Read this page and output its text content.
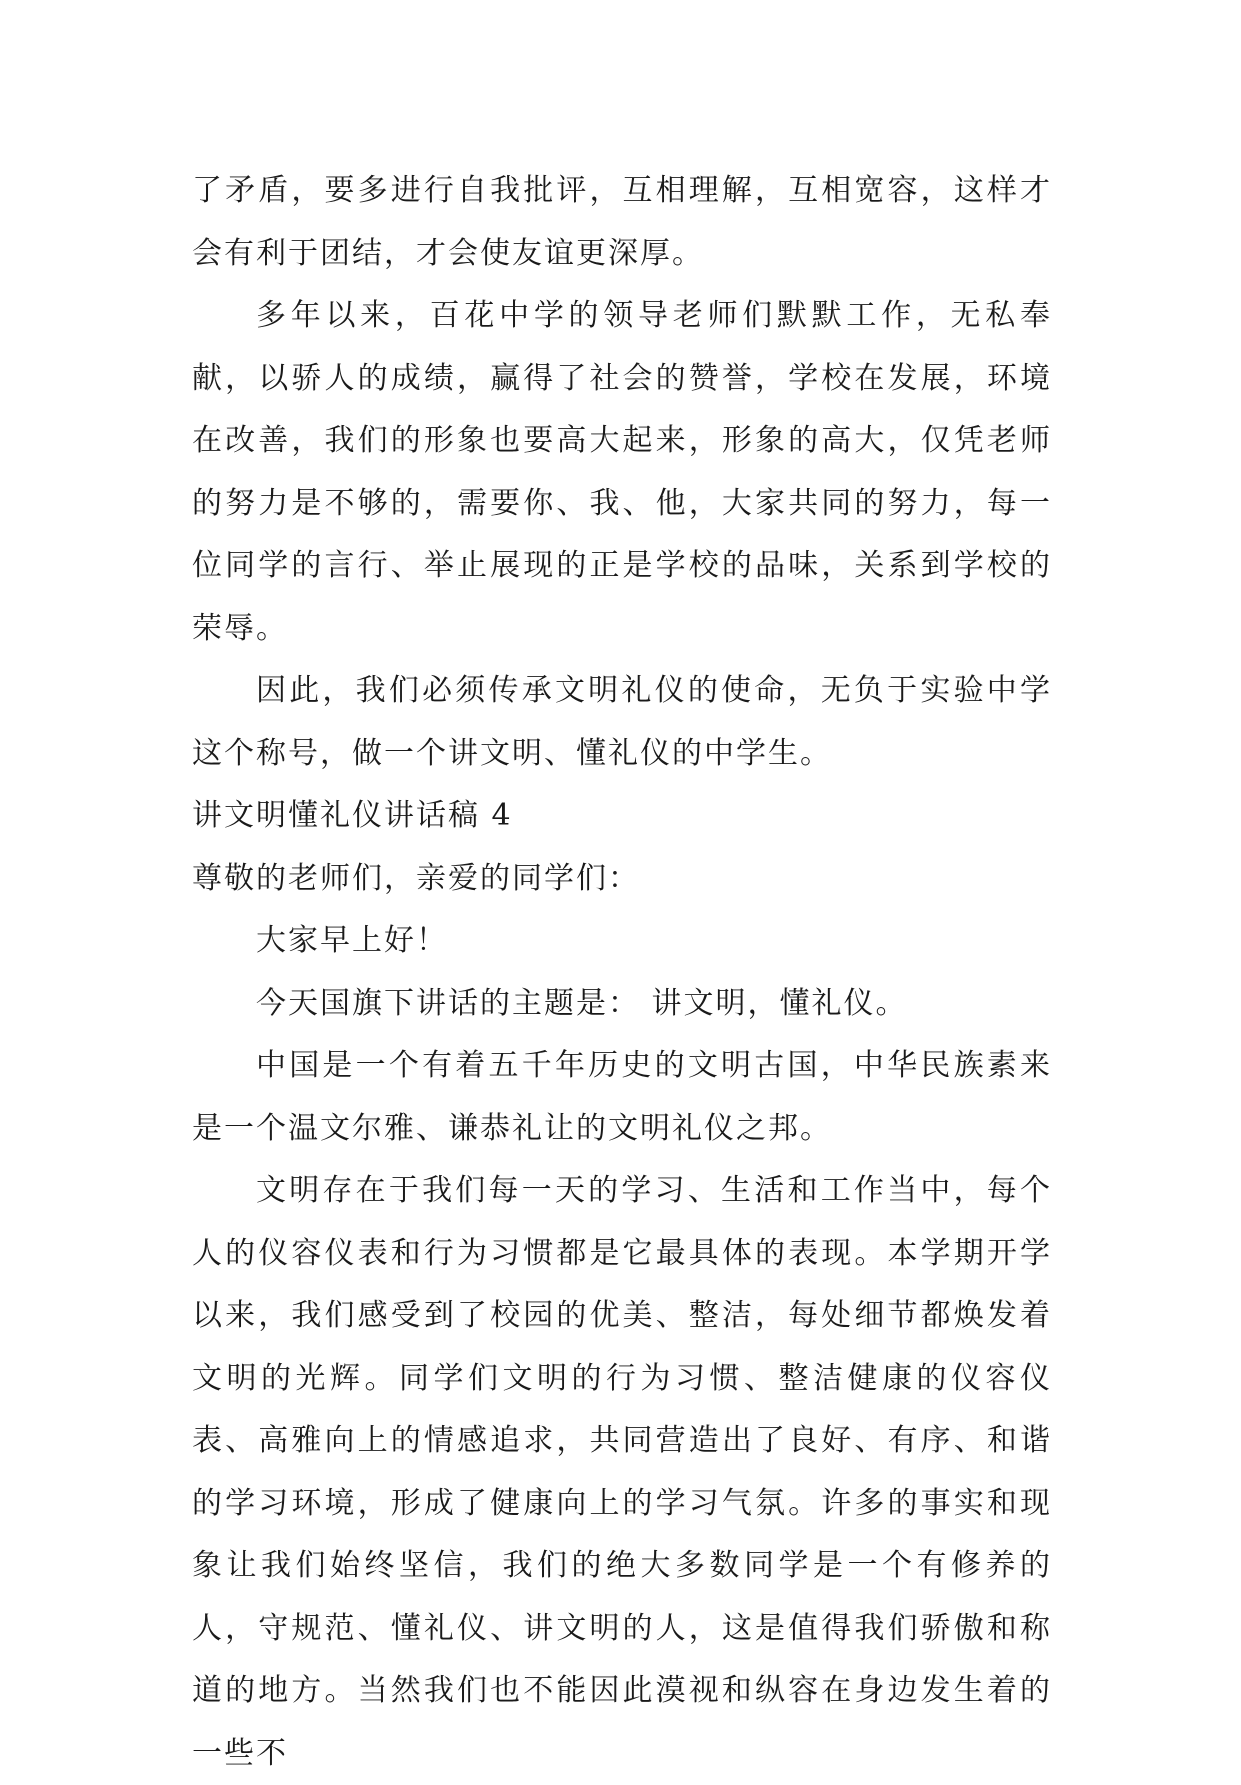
了矛盾，要多进行自我批评，互相理解，互相宽容，这样才会有利于团结，才会使友谊更深厚。

多年以来，百花中学的领导老师们默默工作，无私奉献，以骄人的成绩，赢得了社会的赞誉，学校在发展，环境在改善，我们的形象也要高大起来，形象的高大，仅凭老师的努力是不够的，需要你、我、他，大家共同的努力，每一位同学的言行、举止展现的正是学校的品味，关系到学校的荣辱。

因此，我们必须传承文明礼仪的使命，无负于实验中学这个称号，做一个讲文明、懂礼仪的中学生。

讲文明懂礼仪讲话稿 4

尊敬的老师们，亲爱的同学们：

大家早上好！

今天国旗下讲话的主题是： 讲文明，懂礼仪。

中国是一个有着五千年历史的文明古国，中华民族素来是一个温文尔雅、谦恭礼让的文明礼仪之邦。

文明存在于我们每一天的学习、生活和工作当中，每个人的仪容仪表和行为习惯都是它最具体的表现。本学期开学以来，我们感受到了校园的优美、整洁，每处细节都焕发着文明的光辉。同学们文明的行为习惯、整洁健康的仪容仪表、高雅向上的情感追求，共同营造出了良好、有序、和谐的学习环境，形成了健康向上的学习气氛。许多的事实和现象让我们始终坚信，我们的绝大多数同学是一个有修养的人，守规范、懂礼仪、讲文明的人，这是值得我们骄傲和称道的地方。当然我们也不能因此漠视和纵容在身边发生着的一些不
